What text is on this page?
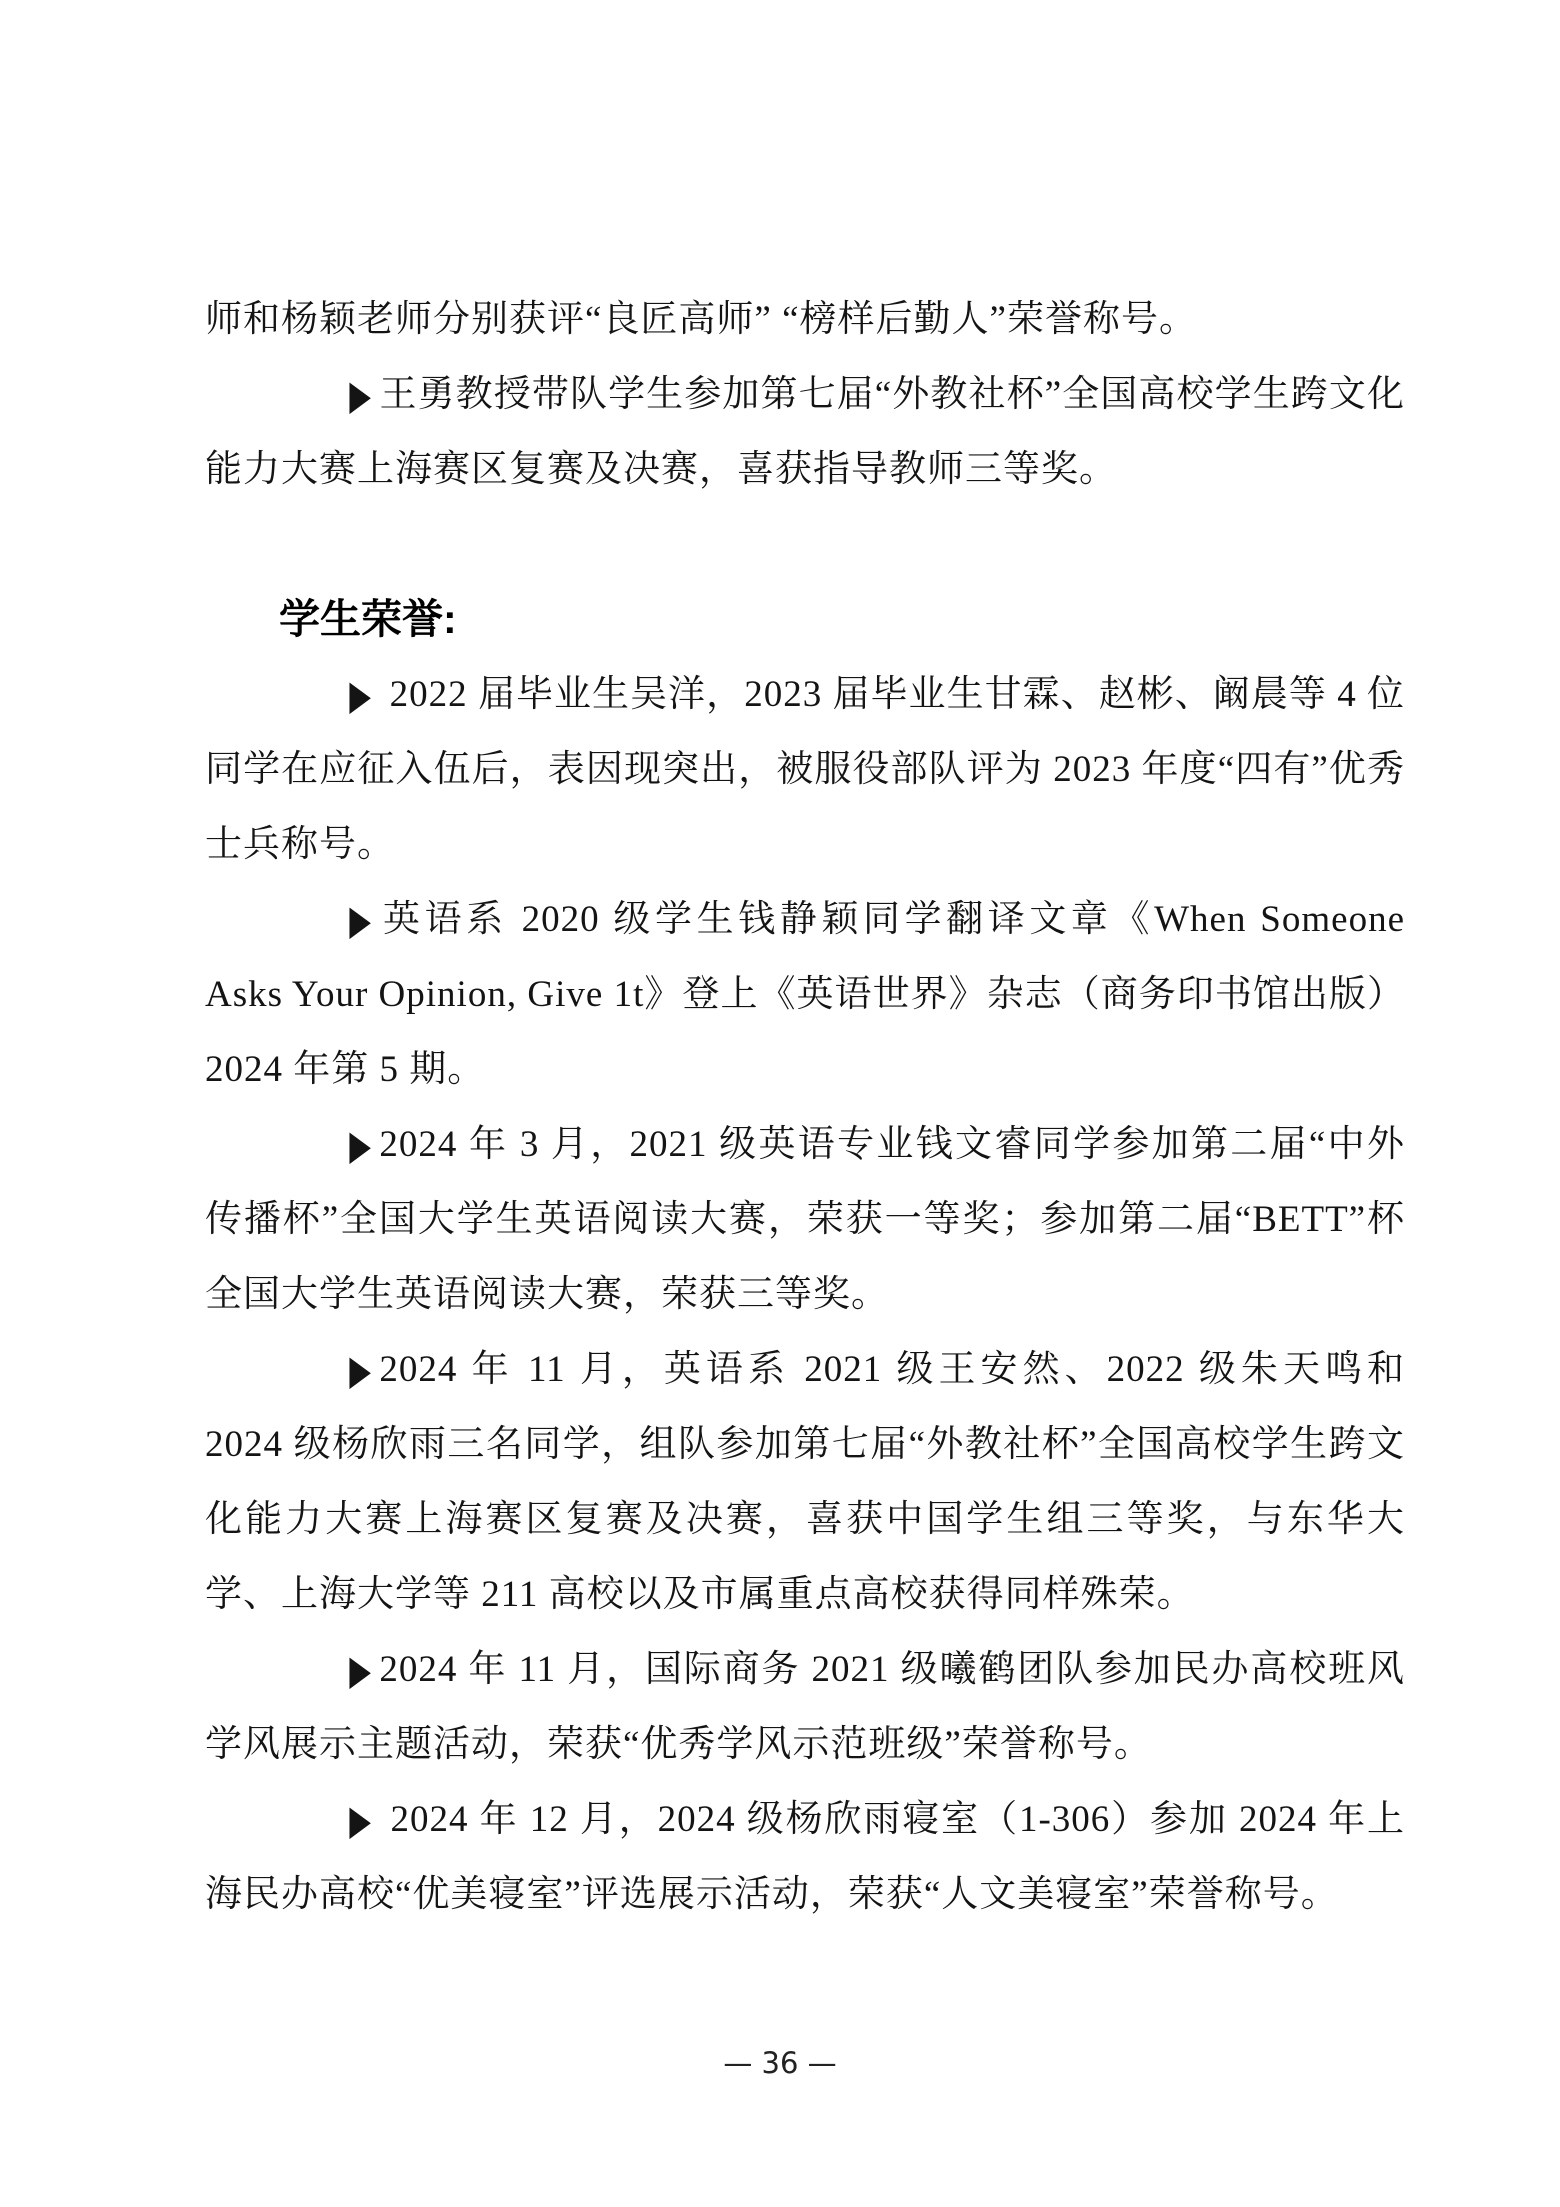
师和杨颖老师分别获评“良匠高师” “榜样后勤人”荣誉称号。

▶ 王勇教授带队学生参加第七届“外教社杯”全国高校学生跨文化能力大赛上海赛区复赛及决赛，喜获指导教师三等奖。

学生荣誉:

▶ 2022 届毕业生吴洋，2023 届毕业生甘霖、赵彬、阚晨等 4 位同学在应征入伍后，表因现突出，被服役部队评为 2023 年度“四有”优秀士兵称号。

▶ 英语系 2020 级学生钱静颖同学翻译文章《When Someone Asks Your Opinion, Give 1t》登上《英语世界》杂志（商务印书馆出版）2024 年第 5 期。

▶ 2024 年 3 月，2021 级英语专业钱文睿同学参加第二届“中外传播杯”全国大学生英语阅读大赛，荣获一等奖；参加第二届“BETT”杯全国大学生英语阅读大赛，荣获三等奖。

▶ 2024 年 11 月，英语系 2021 级王安然、2022 级朱天鸣和 2024 级杨欣雨三名同学，组队参加第七届“外教社杯”全国高校学生跨文化能力大赛上海赛区复赛及决赛，喜获中国学生组三等奖，与东华大学、上海大学等 211 高校以及市属重点高校获得同样殊荣。

▶ 2024 年 11 月，国际商务 2021 级曦鹤团队参加民办高校班风学风展示主题活动，荣获“优秀学风示范班级”荣誉称号。

▶ 2024 年 12 月，2024 级杨欣雨寝室（1-306）参加 2024 年上海民办高校“优美寝室”评选展示活动，荣获“人文美寝室”荣誉称号。

— 36 —
